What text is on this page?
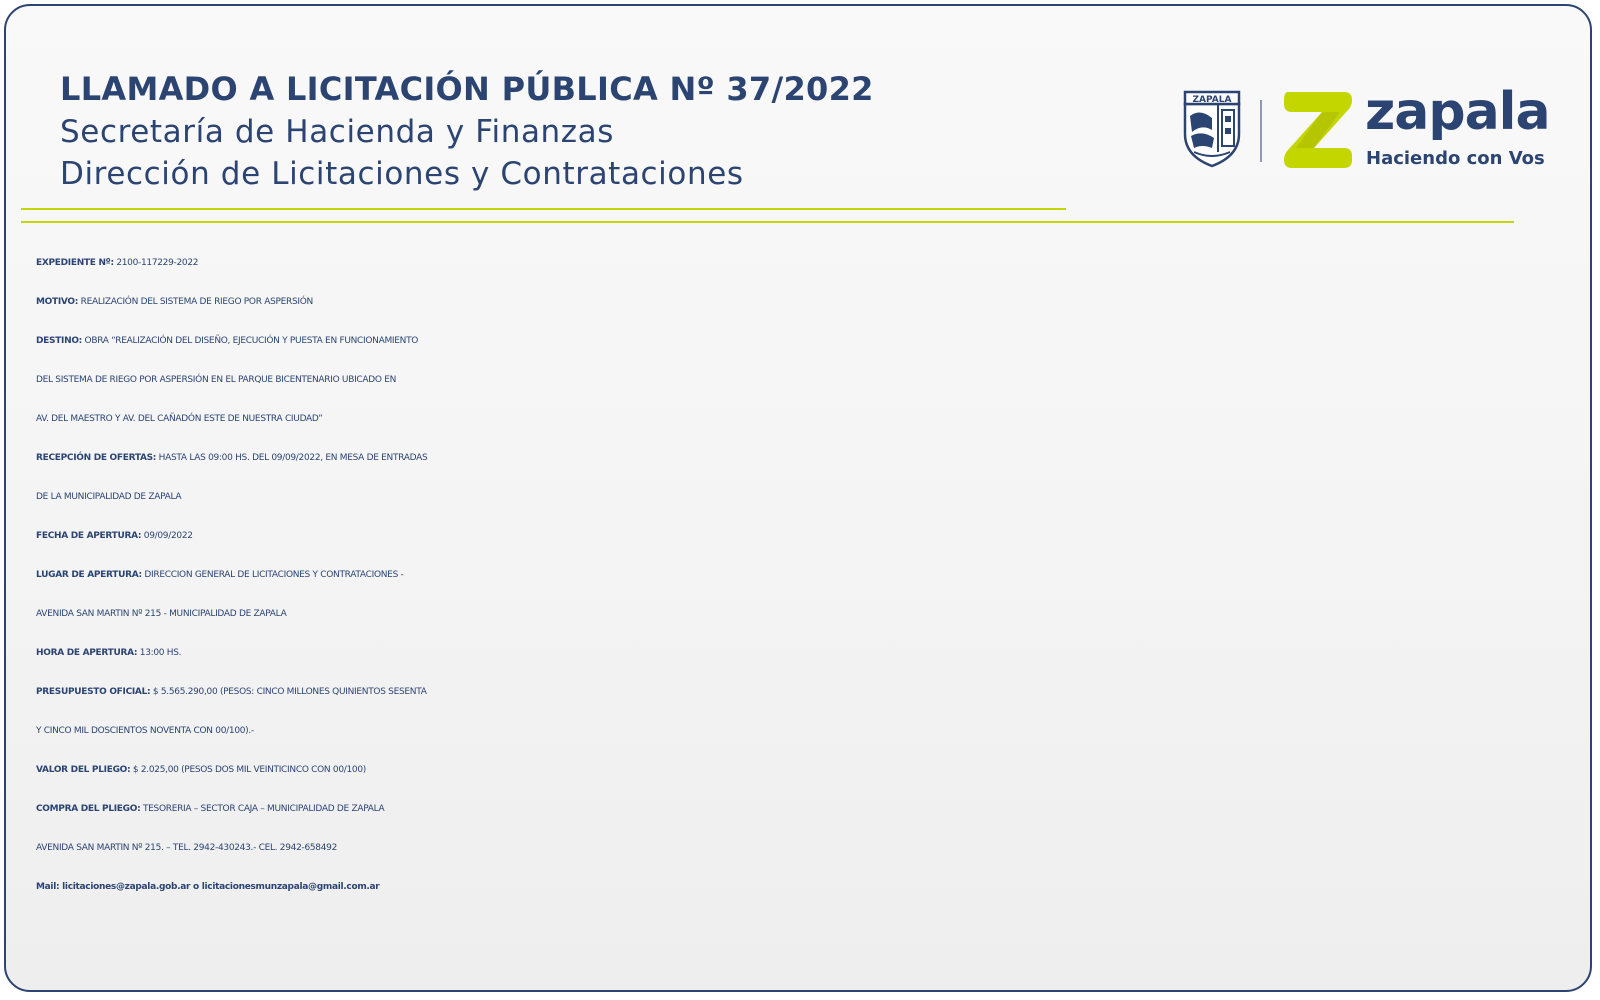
LLAMADO A LICITACIÓN PÚBLICA Nº 37/2022
Secretaría de Hacienda y Finanzas
Dirección de Licitaciones y Contrataciones
ZAPALA	zapala
Haciendo con Vos
EXPEDIENTE Nº: 2100-117229-2022
MOTIVO: REALIZACIÓN DEL SISTEMA DE RIEGO POR ASPERSIÓN
DESTINO: OBRA “REALIZACIÓN DEL DISEÑO, EJECUCIÓN Y PUESTA EN FUNCIONAMIENTO
DEL SISTEMA DE RIEGO POR ASPERSIÓN EN EL PARQUE BICENTENARIO UBICADO EN
AV. DEL MAESTRO Y AV. DEL CAÑADÓN ESTE DE NUESTRA CIUDAD”
RECEPCIÓN DE OFERTAS: HASTA LAS 09:00 HS. DEL 09/09/2022, EN MESA DE ENTRADAS
DE LA MUNICIPALIDAD DE ZAPALA
FECHA DE APERTURA: 09/09/2022
LUGAR DE APERTURA: DIRECCION GENERAL DE LICITACIONES Y CONTRATACIONES -
AVENIDA SAN MARTIN Nº 215 - MUNICIPALIDAD DE ZAPALA
HORA DE APERTURA: 13:00 HS.
PRESUPUESTO OFICIAL: $ 5.565.290,00 (PESOS: CINCO MILLONES QUINIENTOS SESENTA
Y CINCO MIL DOSCIENTOS NOVENTA CON 00/100).-
VALOR DEL PLIEGO: $ 2.025,00 (PESOS DOS MIL VEINTICINCO CON 00/100)
COMPRA DEL PLIEGO: TESORERIA – SECTOR CAJA – MUNICIPALIDAD DE ZAPALA
AVENIDA SAN MARTIN Nº 215. – TEL. 2942-430243.- CEL. 2942-658492
Mail: licitaciones@zapala.gob.ar o licitacionesmunzapala@gmail.com.ar
